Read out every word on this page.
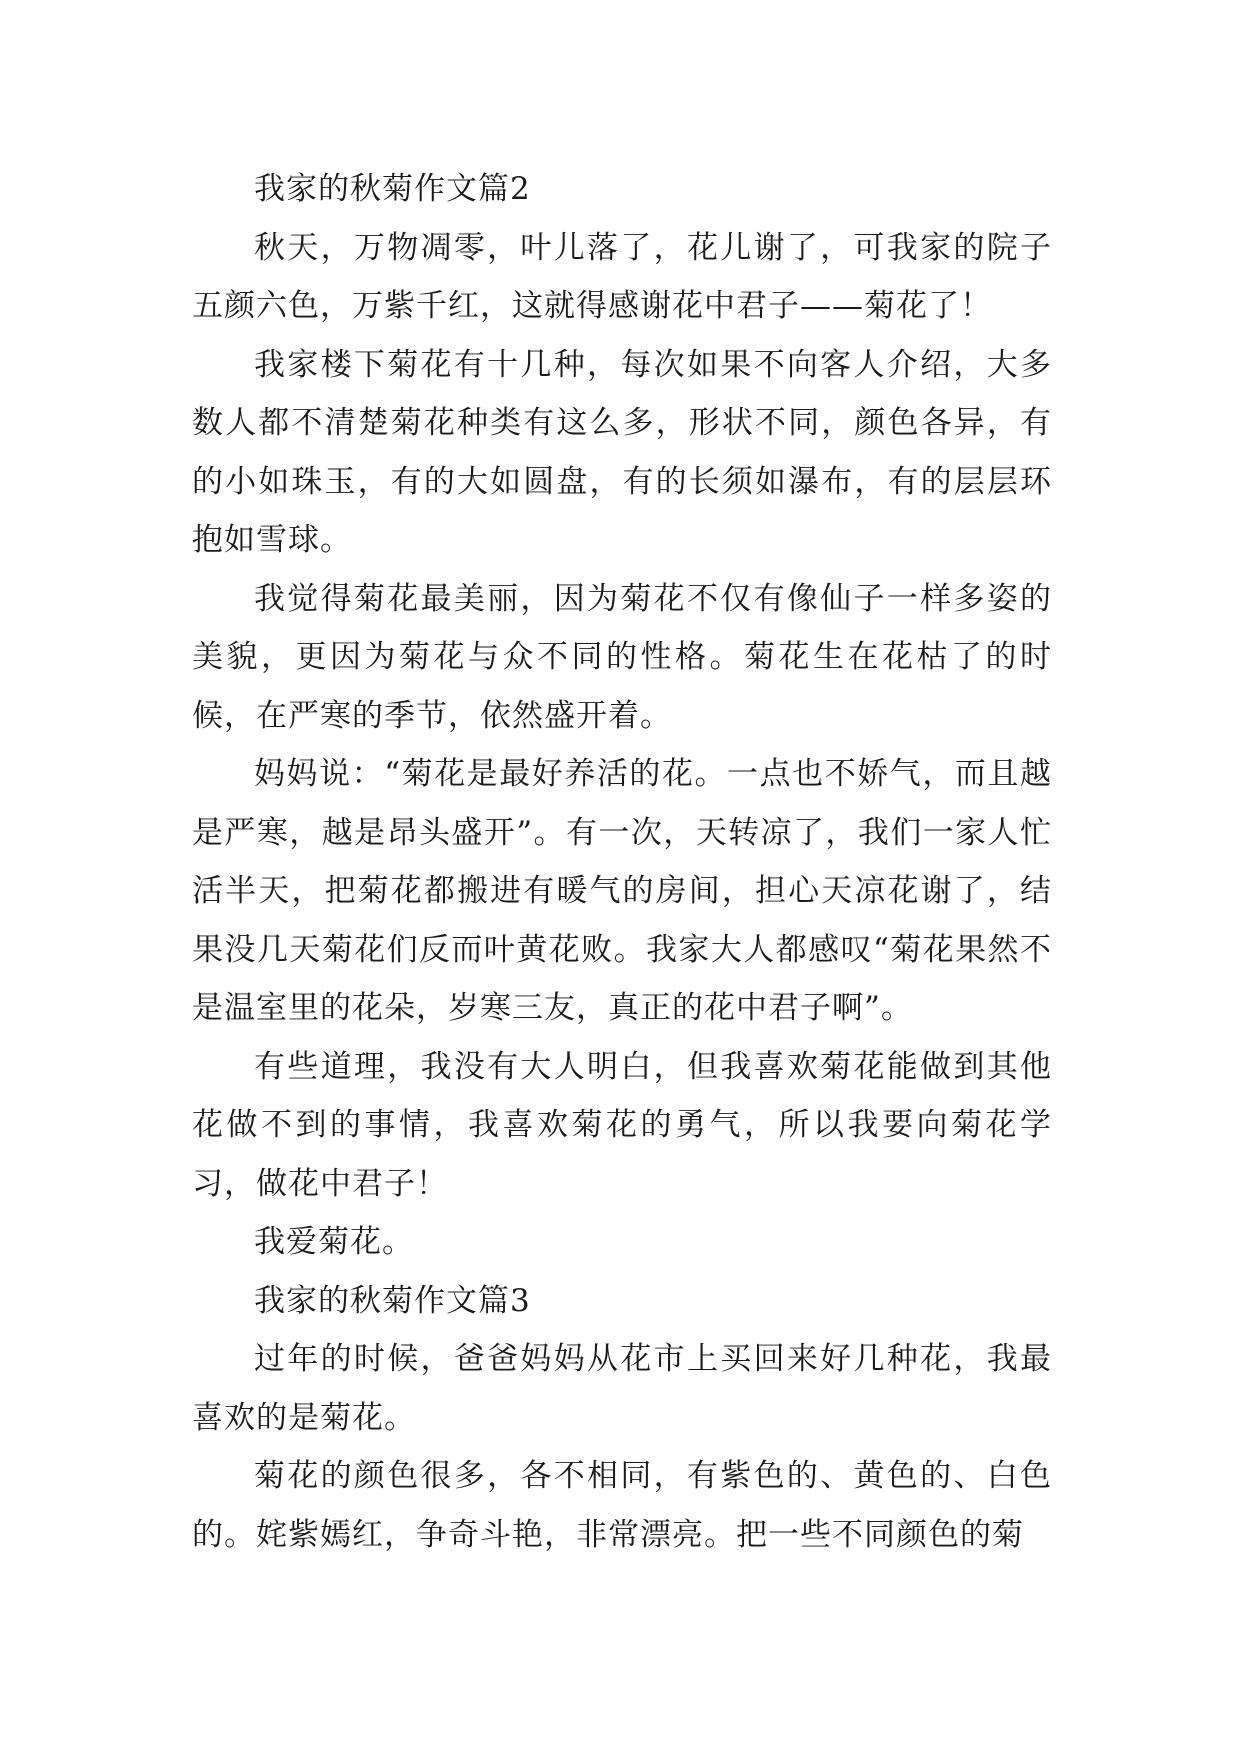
我家的秋菊作文篇2

秋天，万物凋零，叶儿落了，花儿谢了，可我家的院子五颜六色，万紫千红，这就得感谢花中君子——菊花了！

我家楼下菊花有十几种，每次如果不向客人介绍，大多数人都不清楚菊花种类有这么多，形状不同，颜色各异，有的小如珠玉，有的大如圆盘，有的长须如瀑布，有的层层环抱如雪球。

我觉得菊花最美丽，因为菊花不仅有像仙子一样多姿的美貌，更因为菊花与众不同的性格。菊花生在花枯了的时候，在严寒的季节，依然盛开着。

妈妈说：“菊花是最好养活的花。一点也不娇气，而且越是严寒，越是昂头盛开”。有一次，天转凉了，我们一家人忙活半天，把菊花都搬进有暖气的房间，担心天凉花谢了，结果没几天菊花们反而叶黄花败。我家大人都感叹“菊花果然不是温室里的花朵，岁寒三友，真正的花中君子啊”。

有些道理，我没有大人明白，但我喜欢菊花能做到其他花做不到的事情，我喜欢菊花的勇气，所以我要向菊花学习，做花中君子！

我爱菊花。

我家的秋菊作文篇3

过年的时候，爸爸妈妈从花市上买回来好几种花，我最喜欢的是菊花。

菊花的颜色很多，各不相同，有紫色的、黄色的、白色的。姹紫嫣红，争奇斗艳，非常漂亮。把一些不同颜色的菊
